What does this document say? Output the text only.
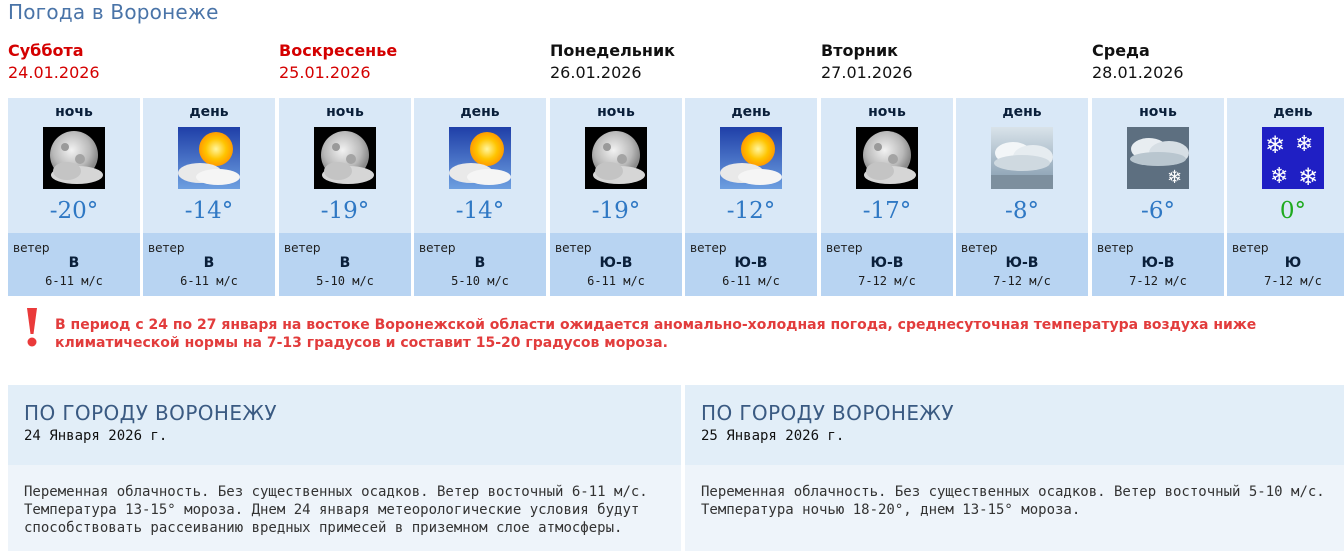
Погода в Воронеже
Суббота
24.01.2026
Воскресенье
25.01.2026
Понедельник
26.01.2026
Вторник
27.01.2026
Среда
28.01.2026
ночь
-20°
ветер
В
6-11 м/с
день
-14°
ветер
В
6-11 м/с
ночь
-19°
ветер
В
5-10 м/с
день
-14°
ветер
В
5-10 м/с
ночь
-19°
ветер
Ю-В
6-11 м/с
день
-12°
ветер
Ю-В
6-11 м/с
ночь
-17°
ветер
Ю-В
7-12 м/с
день
-8°
ветер
Ю-В
7-12 м/с
ночь
❄
-6°
ветер
Ю-В
7-12 м/с
день
❄ ❄
❄ ❄
0°
ветер
Ю
7-12 м/с
В период с 24 по 27 января на востоке Воронежской области ожидается аномально-холодная погода, среднесуточная температура воздуха ниже климатической нормы на 7-13 градусов и составит 15-20 градусов мороза.
ПО ГОРОДУ ВОРОНЕЖУ
24 Января 2026 г.
Переменная облачность. Без существенных осадков. Ветер восточный 6-11 м/с. Температура 13-15° мороза. Днем 24 января метеорологические условия будут способствовать рассеиванию вредных примесей в приземном слое атмосферы.
ПО ГОРОДУ ВОРОНЕЖУ
25 Января 2026 г.
Переменная облачность. Без существенных осадков. Ветер восточный 5-10 м/с. Температура ночью 18-20°, днем 13-15° мороза.
